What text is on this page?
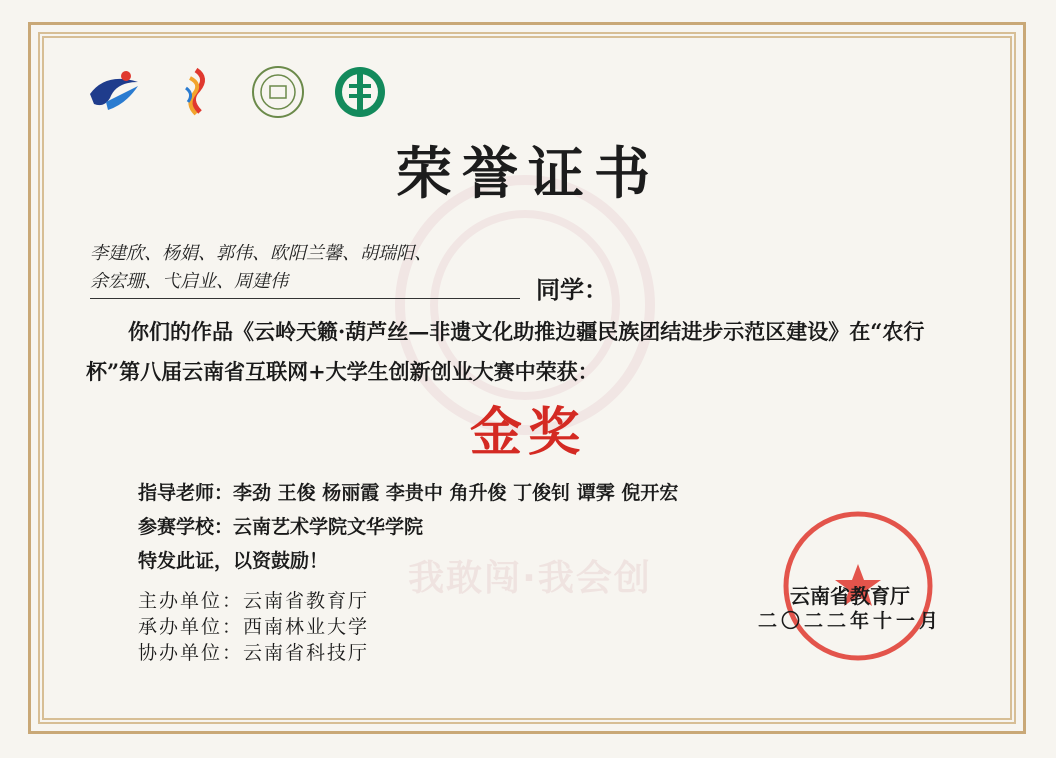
我敢闯·我会创
荣誉证书
李建欣、杨娟、郭伟、欧阳兰馨、胡瑞阳、
余宏珊、弋启业、周建伟	同学：
你们的作品《云岭天籁·葫芦丝—非遗文化助推边疆民族团结进步示范区建设》在“农行杯”第八届云南省互联网+大学生创新创业大赛中荣获：
金奖
指导老师：李劲 王俊 杨丽霞 李贵中 角升俊 丁俊钊 谭霁 倪开宏
参赛学校：云南艺术学院文华学院
特发此证，以资鼓励！
主办单位：云南省教育厅
承办单位：西南林业大学
协办单位：云南省科技厅
云南省教育厅
二〇二二年十一月
